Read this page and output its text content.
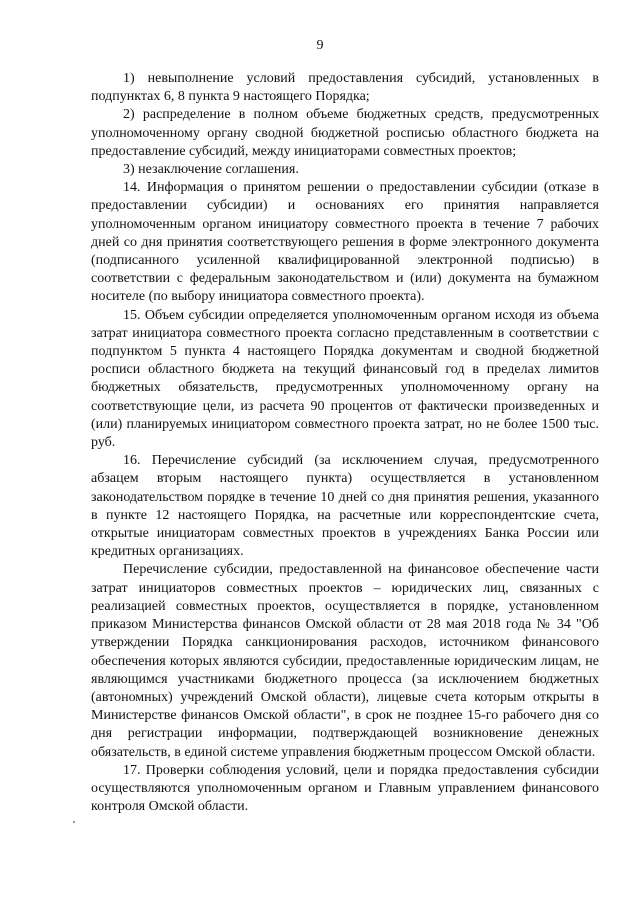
9

1) невыполнение условий предоставления субсидий, установленных в подпунктах 6, 8 пункта 9 настоящего Порядка;

2) распределение в полном объеме бюджетных средств, предусмотренных уполномоченному органу сводной бюджетной росписью областного бюджета на предоставление субсидий, между инициаторами совместных проектов;

3) незаключение соглашения.

14. Информация о принятом решении о предоставлении субсидии (отказе в предоставлении субсидии) и основаниях его принятия направляется уполномоченным органом инициатору совместного проекта в течение 7 рабочих дней со дня принятия соответствующего решения в форме электронного документа (подписанного усиленной квалифицированной электронной подписью) в соответствии с федеральным законодательством и (или) документа на бумажном носителе (по выбору инициатора совместного проекта).

15. Объем субсидии определяется уполномоченным органом исходя из объема затрат инициатора совместного проекта согласно представленным в соответствии с подпунктом 5 пункта 4 настоящего Порядка документам и сводной бюджетной росписи областного бюджета на текущий финансовый год в пределах лимитов бюджетных обязательств, предусмотренных уполномоченному органу на соответствующие цели, из расчета 90 процентов от фактически произведенных и (или) планируемых инициатором совместного проекта затрат, но не более 1500 тыс. руб.

16. Перечисление субсидий (за исключением случая, предусмотренного абзацем вторым настоящего пункта) осуществляется в установленном законодательством порядке в течение 10 дней со дня принятия решения, указанного в пункте 12 настоящего Порядка, на расчетные или корреспондентские счета, открытые инициаторам совместных проектов в учреждениях Банка России или кредитных организациях.

Перечисление субсидии, предоставленной на финансовое обеспечение части затрат инициаторов совместных проектов – юридических лиц, связанных с реализацией совместных проектов, осуществляется в порядке, установленном приказом Министерства финансов Омской области от 28 мая 2018 года № 34 "Об утверждении Порядка санкционирования расходов, источником финансового обеспечения которых являются субсидии, предоставленные юридическим лицам, не являющимся участниками бюджетного процесса (за исключением бюджетных (автономных) учреждений Омской области), лицевые счета которым открыты в Министерстве финансов Омской области", в срок не позднее 15-го рабочего дня со дня регистрации информации, подтверждающей возникновение денежных обязательств, в единой системе управления бюджетным процессом Омской области.

17. Проверки соблюдения условий, цели и порядка предоставления субсидии осуществляются уполномоченным органом и Главным управлением финансового контроля Омской области.
